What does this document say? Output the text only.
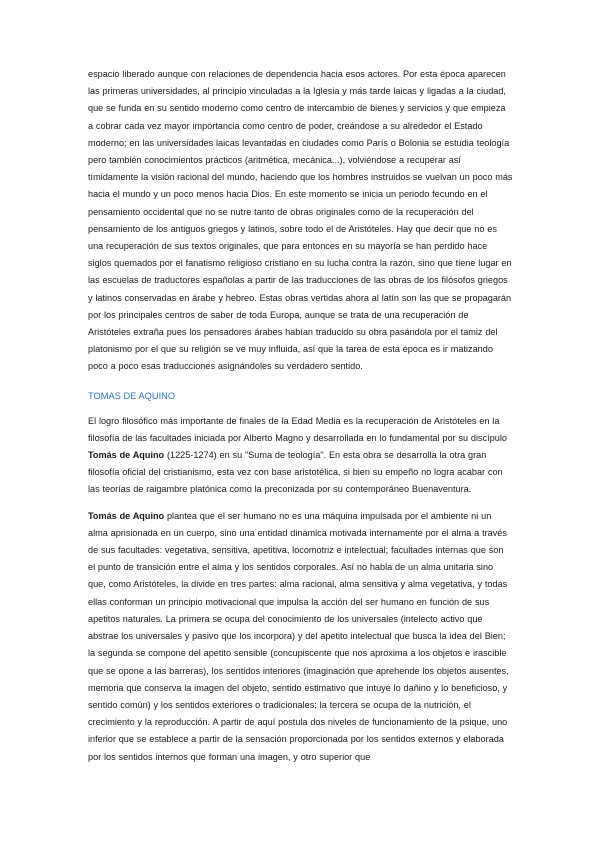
espacio liberado aunque con relaciones de dependencia hacia esos actores. Por esta época aparecen las primeras universidades, al principio vinculadas a la Iglesia y más tarde laicas y ligadas a la ciudad, que se funda en su sentido moderno como centro de intercambio de bienes y servicios y que empieza a cobrar cada vez mayor importancia como centro de poder, creándose a su alrededor el Estado moderno; en las universidades laicas levantadas en ciudades como París o Bolonia se estudia teología pero también conocimientos prácticos (aritmética, mecánica...), volviéndose a recuperar así tímidamente la visión racional del mundo, haciendo que los hombres instruidos se vuelvan un poco más hacia el mundo y un poco menos hacia Dios. En este momento se inicia un periodo fecundo en el pensamiento occidental que no se nutre tanto de obras originales como de la recuperación del pensamiento de los antiguos griegos y latinos, sobre todo el de Aristóteles. Hay que decir que no es una recuperación de sus textos originales, que para entonces en su mayoría se han perdido hace siglos quemados por el fanatismo religioso cristiano en su lucha contra la razón, sino que tiene lugar en las escuelas de traductores españolas a partir de las traducciones de las obras de los filósofos griegos y latinos conservadas en árabe y hebreo. Estas obras vertidas ahora al latín son las que se propagarán por los principales centros de saber de toda Europa, aunque se trata de una recuperación de Aristóteles extraña pues los pensadores árabes habían traducido su obra pasándola por el tamiz del platonismo por el que su religión se ve muy influida, así que la tarea de esta época es ir matizando poco a poco esas traducciones asignándoles su verdadero sentido.

TOMAS DE AQUINO

El logro filosófico más importante de finales de la Edad Media es la recuperación de Aristóteles en la filosofía de las facultades iniciada por Alberto Magno y desarrollada en lo fundamental por su discípulo Tomás de Aquino (1225-1274) en su "Suma de teología". En esta obra se desarrolla la otra gran filosofía oficial del cristianismo, esta vez con base aristotélica, si bien su empeño no logra acabar con las teorías de raigambre platónica como la preconizada por su contemporáneo Buenaventura.

Tomás de Aquino plantea que el ser humano no es una máquina impulsada por el ambiente ni un alma aprisionada en un cuerpo, sino una entidad dinámica motivada internamente por el alma a través de sus facultades: vegetativa, sensitiva, apetitiva, locomotriz e intelectual; facultades internas que son el punto de transición entre el alma y los sentidos corporales. Así no habla de un alma unitaria sino que, como Aristóteles, la divide en tres partes: alma racional, alma sensitiva y alma vegetativa, y todas ellas conforman un principio motivacional que impulsa la acción del ser humano en función de sus apetitos naturales. La primera se ocupa del conocimiento de los universales (intelecto activo que abstrae los universales y pasivo que los incorpora) y del apetito intelectual que busca la idea del Bien; la segunda se compone del apetito sensible (concupiscente que nos aproxima a los objetos e irascible que se opone a las barreras), los sentidos interiores (imaginación que aprehende los objetos ausentes, memoria que conserva la imagen del objeto, sentido estimativo que intuye lo dañino y lo beneficioso, y sentido común) y los sentidos exteriores o tradicionales; la tercera se ocupa de la nutrición, el crecimiento y la reproducción. A partir de aquí postula dos niveles de funcionamiento de la psique, uno inferior que se establece a partir de la sensación proporcionada por los sentidos externos y elaborada por los sentidos internos que forman una imagen, y otro superior que
